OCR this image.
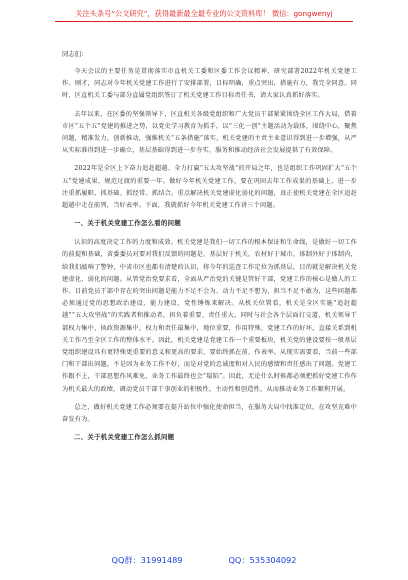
关注头条号“公文研究”，获得最新最全最专业的公文资料库！ 微信：gongwenyj
同志们：

今天会议的主要任务是贯彻落实市直机关工委和区委工作会议精神，研究部署2022年机关党建工作。刚才，同志对今年机关党建工作进行了安排部署，目标明确，重点突出，措施有力，我完全同意。同时，区直机关工委与部分直属党组织签订了机关党建工作目标责任书，请大家认真抓好落实。

去年以来，在区委的坚强领导下，区直机关各级党组织和广大党员干部紧紧围绕全区工作大局，借着市区“五个五”党建的推进之势，以党史学习教育为抓手，以“三化一创”主题活动为载体，围绕中心，聚焦问题，精准发力，创新推动，强推机关“五条措施”落实，机关党建的主责主业意识得到进一步增强，从严从实标准得到进一步确立，基层基础得到进一步夯实，服务和推动经济社会发展提供了有效保障。

2022年是全区上下奋力追赶超越、全力打赢“五大攻坚战”的开局之年，也是组织工作巩固扩大“五个五”党建成果、规范过渡的重要一年。做好今年机关党建工作，要在巩固去年工作成果的基础上，进一步注重抓履职、抓基础、抓经常、抓结合，重点解决机关党建虚化弱化的问题，真正使机关党建在全区追赶超越中走在前列，当好表率。下面，我就抓好今年机关党建工作讲三个问题。

一、关于机关党建工作怎么看的问题

认识的高度决定工作的力度和成效。机关党建是我们一切工作的根本保证和生命线，是做好一切工作的前提和基础，省委委员对要对我们反馈的问题是，基层好于机关，农村好于城市，体制外好于体制内，给我们敲响了警钟，中省市区也都有清楚的认识，将今年的巡查工作定位为抓基层，目的就是解决机关党建虚化、弱化的问题。从管党治党要求看，全面从严治党的关键是管好干部，党建工作的核心是做人的工作。目前党员干部中存在的突出问题是能力不足不会为、动力不足不想为、担当不足不敢为，这些问题都必须通过党的思想政治建设、能力建设、党性锤炼来解决。从机关位置看，机关是全区实施“追赶超越”“五大攻坚战”的实践者和推动者，担负着重要、责任重大，同时与社会各个层面打交道，机关领导干部权力集中，执政资源集中，权力和责任最集中，地位重要，作用特殊，党建工作的好坏，直接关系到机关工作乃至全区工作的整体水平。因此，机关党建是党建工作一个重要板块，机关党的建设要按一般基层党组织建设具有更特殊更重要的意义和更高的要求，要始终抓在前，作表率。从现实需要看，当前一些部门和干部出问题，不是因为业务工作不好，而是对党的忠诚度和对人民的感情和责任感出了问题。党建工作跟不上，干部思想作风难免，业务工作最终也会“塌陷”。因此，无论什么时候都必须把抓好党建工作作为机关最大的政绩，调动党员干部干事创业的积极性，主动性和创造性，从而推动业务工作顺利开展。

总之，做好机关党建工作必须要在提升站位中强化使命担当，在服务大局中找准定位，在攻坚克难中奋发有为。

二、关于机关党建工作怎么抓问题
QQ群：31991489	QQ：535304092
